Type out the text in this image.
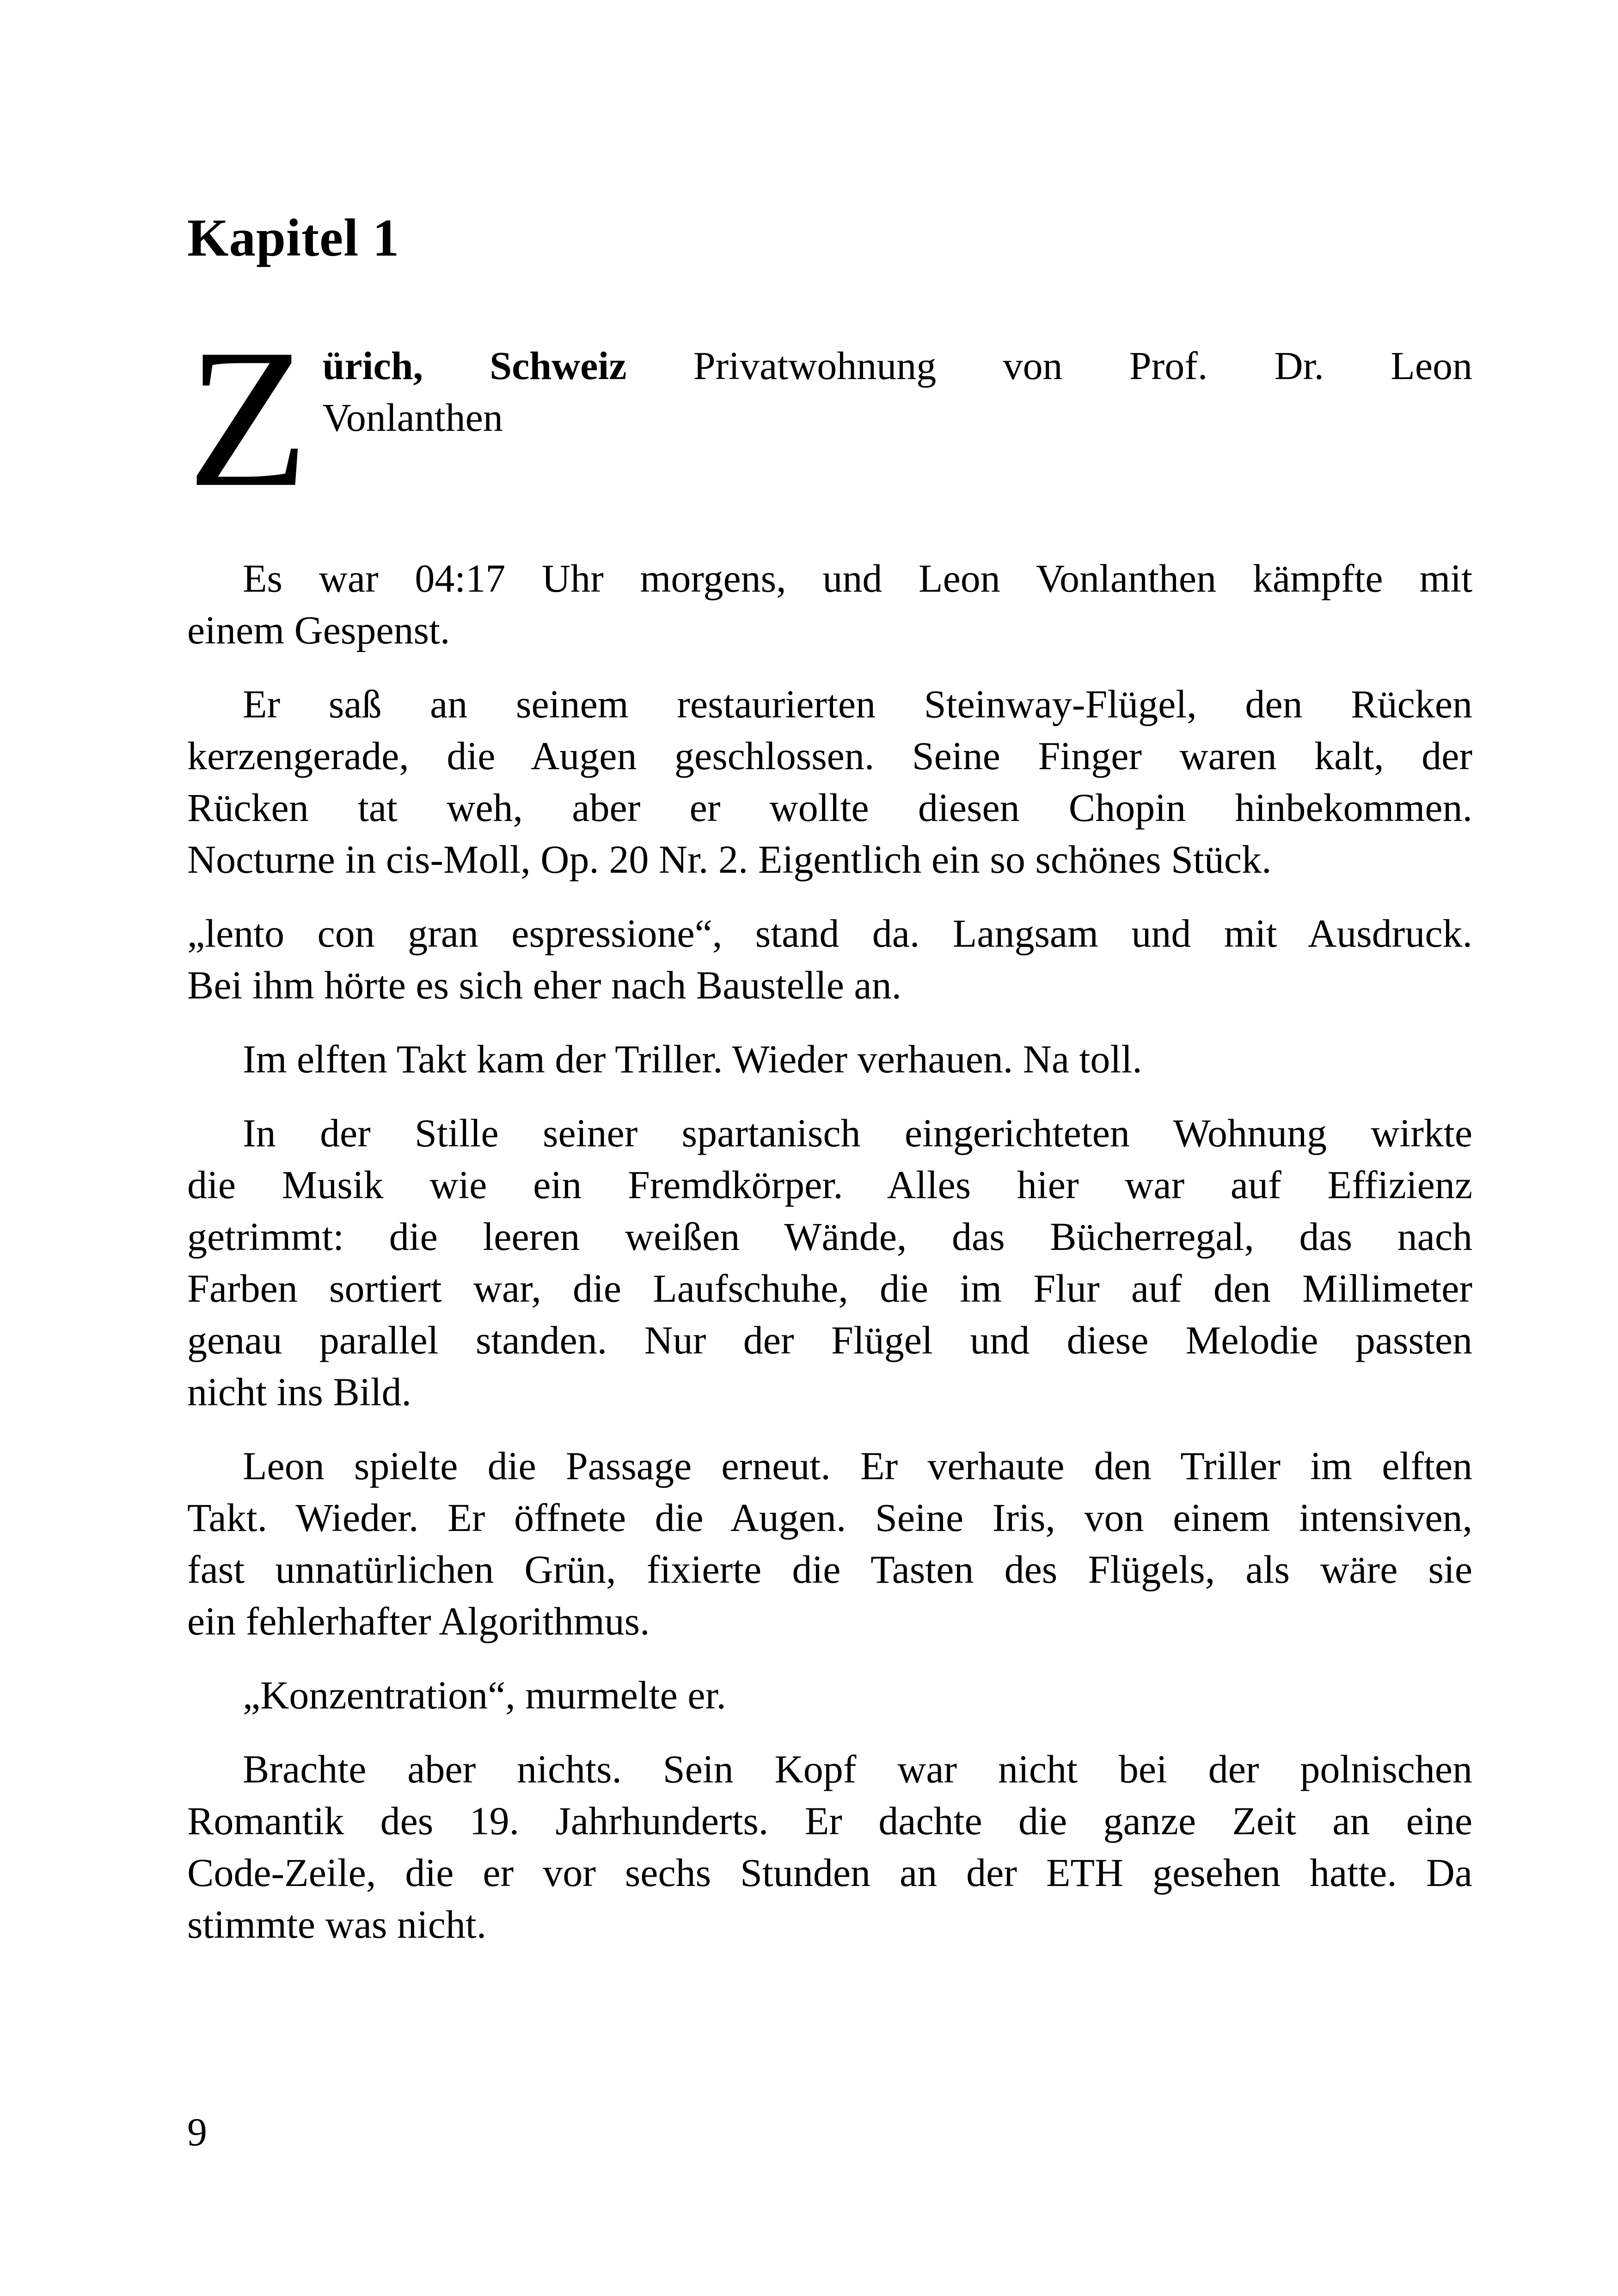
Kapitel 1
Z ürich, Schweiz Privatwohnung von Prof. Dr. Leon
Vonlanthen
Es war 04:17 Uhr morgens, und Leon Vonlanthen kämpfte mit
einem Gespenst.
Er saß an seinem restaurierten Steinway-Flügel, den Rücken
kerzengerade, die Augen geschlossen. Seine Finger waren kalt, der
Rücken tat weh, aber er wollte diesen Chopin hinbekommen.
Nocturne in cis-Moll, Op. 20 Nr. 2. Eigentlich ein so schönes Stück.
„lento con gran espressione“, stand da. Langsam und mit Ausdruck.
Bei ihm hörte es sich eher nach Baustelle an.
Im elften Takt kam der Triller. Wieder verhauen. Na toll.
In der Stille seiner spartanisch eingerichteten Wohnung wirkte
die Musik wie ein Fremdkörper. Alles hier war auf Effizienz
getrimmt: die leeren weißen Wände, das Bücherregal, das nach
Farben sortiert war, die Laufschuhe, die im Flur auf den Millimeter
genau parallel standen. Nur der Flügel und diese Melodie passten
nicht ins Bild.
Leon spielte die Passage erneut. Er verhaute den Triller im elften
Takt. Wieder. Er öffnete die Augen. Seine Iris, von einem intensiven,
fast unnatürlichen Grün, fixierte die Tasten des Flügels, als wäre sie
ein fehlerhafter Algorithmus.
„Konzentration“, murmelte er.
Brachte aber nichts. Sein Kopf war nicht bei der polnischen
Romantik des 19. Jahrhunderts. Er dachte die ganze Zeit an eine
Code-Zeile, die er vor sechs Stunden an der ETH gesehen hatte. Da
stimmte was nicht.
9
